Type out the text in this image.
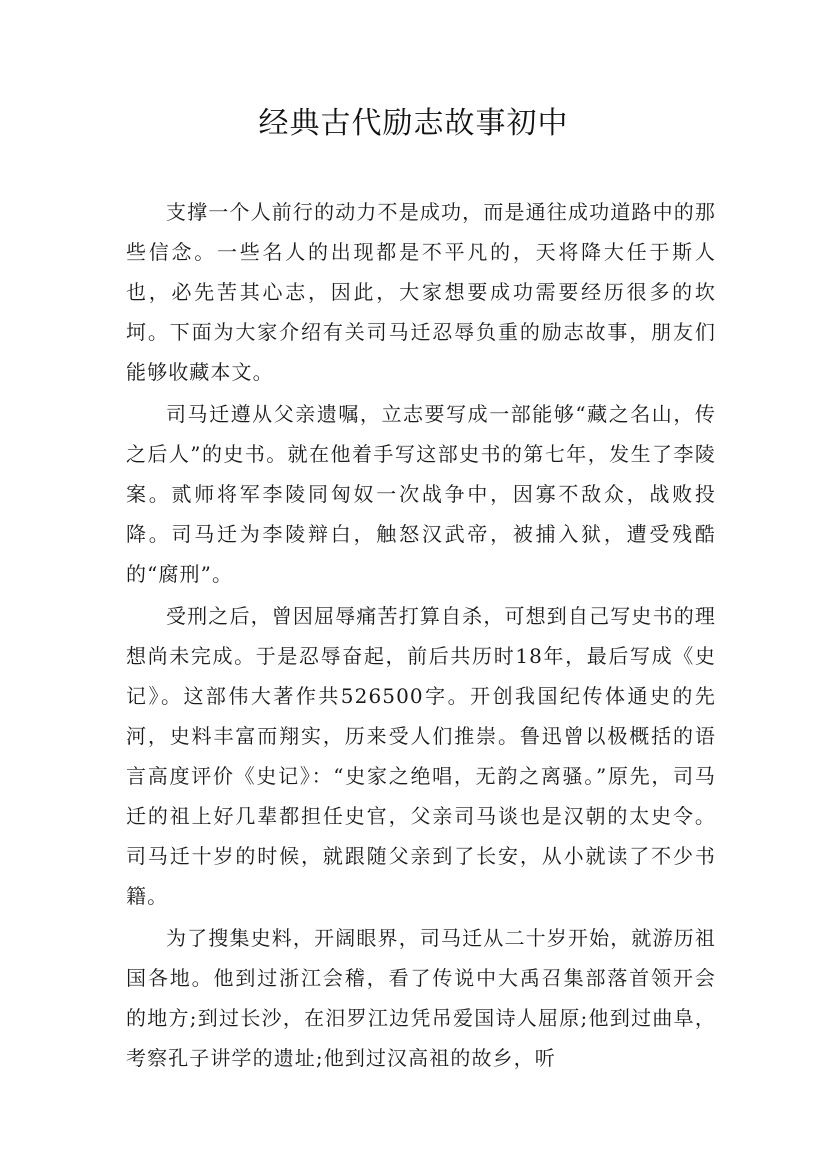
经典古代励志故事初中

支撑一个人前行的动力不是成功，而是通往成功道路中的那些信念。一些名人的出现都是不平凡的，天将降大任于斯人也，必先苦其心志，因此，大家想要成功需要经历很多的坎坷。下面为大家介绍有关司马迁忍辱负重的励志故事，朋友们能够收藏本文。

司马迁遵从父亲遗嘱，立志要写成一部能够“藏之名山，传之后人”的史书。就在他着手写这部史书的第七年，发生了李陵案。贰师将军李陵同匈奴一次战争中，因寡不敌众，战败投降。司马迁为李陵辩白，触怒汉武帝，被捕入狱，遭受残酷的“腐刑”。

受刑之后，曾因屈辱痛苦打算自杀，可想到自己写史书的理想尚未完成。于是忍辱奋起，前后共历时18年，最后写成《史记》。这部伟大著作共526500字。开创我国纪传体通史的先河，史料丰富而翔实，历来受人们推崇。鲁迅曾以极概括的语言高度评价《史记》：“史家之绝唱，无韵之离骚。”原先，司马迁的祖上好几辈都担任史官，父亲司马谈也是汉朝的太史令。司马迁十岁的时候，就跟随父亲到了长安，从小就读了不少书籍。

为了搜集史料，开阔眼界，司马迁从二十岁开始，就游历祖国各地。他到过浙江会稽，看了传说中大禹召集部落首领开会的地方;到过长沙，在汨罗江边凭吊爱国诗人屈原;他到过曲阜，考察孔子讲学的遗址;他到过汉高祖的故乡，听
